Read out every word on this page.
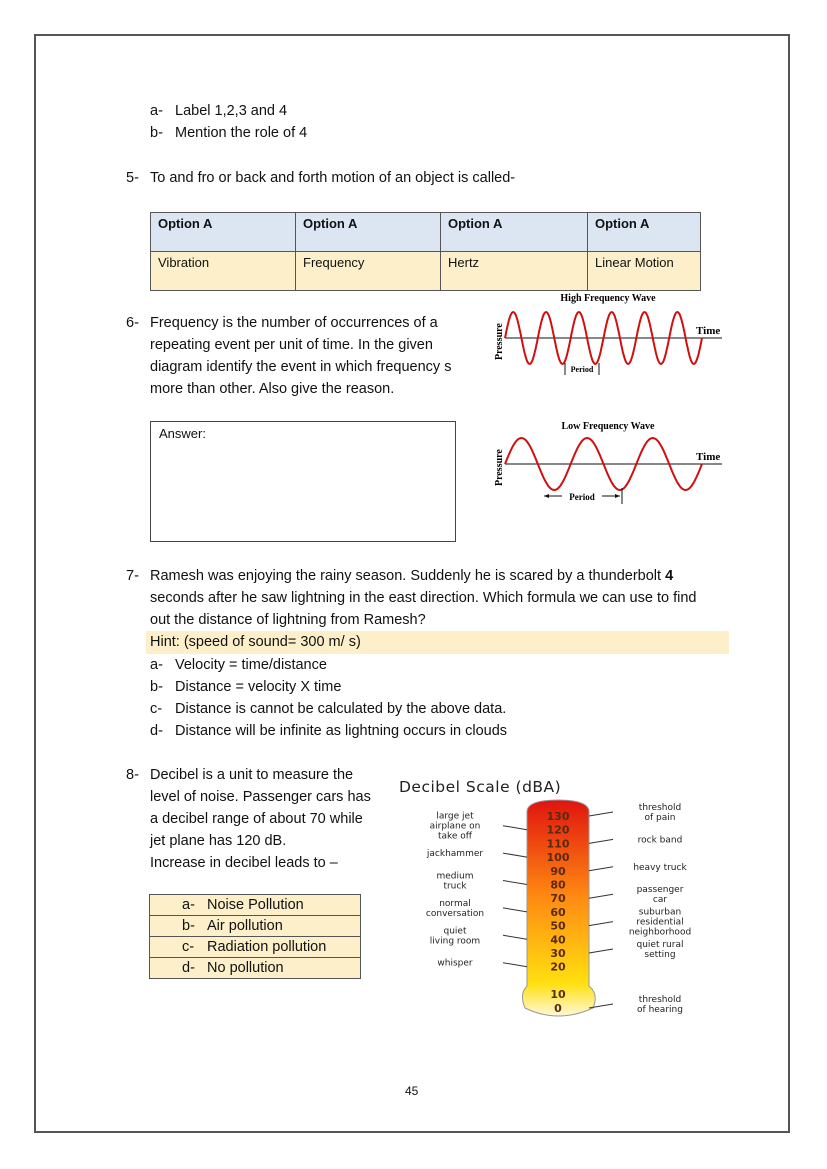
a- Label 1,2,3 and 4
b- Mention the role of 4
5- To and fro or back and forth motion of an object is called-
Option A	Option A	Option A	Option A
Vibration	Frequency	Hertz	Linear Motion
6- Frequency is the number of occurrences of a
repeating event per unit of time. In the given
diagram identify the event in which frequency s
more than other. Also give the reason.
Answer:
High Frequency Wave
Pressure	Time
Period
Low Frequency Wave
Pressure	Time
Period
7- Ramesh was enjoying the rainy season. Suddenly he is scared by a thunderbolt 4
seconds after he saw lightning in the east direction. Which formula we can use to find
out the distance of lightning from Ramesh?
Hint: (speed of sound= 300 m/ s)
a- Velocity = time/distance
b- Distance = velocity X time
c- Distance is cannot be calculated by the above data.
d- Distance will be infinite as lightning occurs in clouds
8- Decibel is a unit to measure the
level of noise. Passenger cars has
a decibel range of about 70 while
jet plane has 120 dB.
Increase in decibel leads to –
a- Noise Pollution
b- Air pollution
c- Radiation pollution
d- No pollution
Decibel Scale (dBA)
130
120
110
100
90
80
70
60
50
40
30
20
10
0
large jet
airplane on
take off
jackhammer
medium
truck
normal
conversation
quiet
living room
whisper
threshold
of pain
rock band
heavy truck
passenger
car
suburban
residential
neighborhood
quiet rural
setting
threshold
of hearing
45
